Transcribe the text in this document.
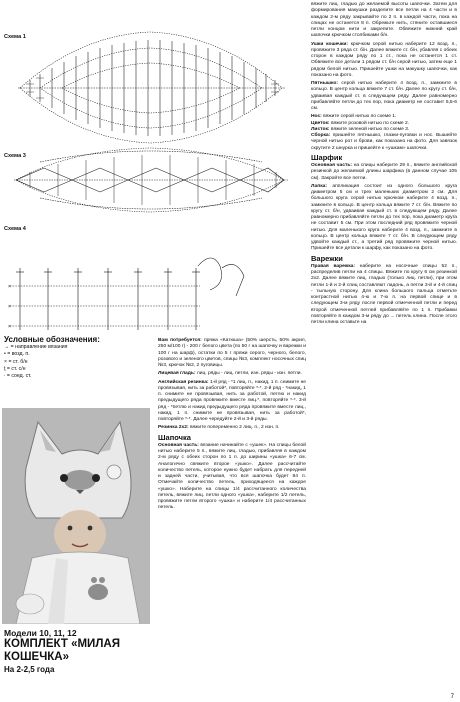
Схема 1
Схема 3
Схема 4
×
×
×
Условные обозначения:
→ = направление вязания
• = возд. п.
× = ст. б/н
ƫ = ст. с/н
∙ = соед. ст.

Модели 10, 11, 12

КОМПЛЕКТ «МИЛАЯ

КОШЕЧКА»

На 2-2,5 года

Вам потребуется: пряжа «Катюша» (50% шерсть, 50% акрил, 250 м/100 г) - 200 г белого цвета (по 50 г на шапочку и варежки и 100 г на шарф), остатки по 5 г пряжи серого, черного, белого, розового и зеленого цветов, спицы №3, комплект носочных спиц №3, крючок №2, 2 пуговицы.

Лицевая гладь: лиц. ряды - лиц. петли, изн. ряды - изн. петли.

Английская резинка: 1-й ряд - *1 лиц. п., накид, 1 п. снимите не провязывая, нить за работой*, повторяйте *-*. 2-й ряд - *накид, 1 п. снимите не провязывая, нить за работой, петлю и накид предыдущего ряда провяжите вместе лиц.*, повторяйте *-*. 3-й ряд - *петлю и накид предыдущего ряда провяжите вместе лиц., накид, 1 п. снимите не провязывая, нить за работой*, повторяйте *-*. Далее чередуйте 2-й и 3-й ряды.

Резинка 2х2: вяжите попеременно 2 лиц. п., 2 изн. п.

Шапочка

Основная часть: вязание начинайте с «ушек». На спицы белой нитью наберите 5 п., вяжите лиц. гладью, прибавляя в каждом 2-м ряду с обеих сторон по 1 п. до ширины «ушка» 6-7 см. Аналогично свяжите второе «ушко». Далее рассчитайте количество петель, которое нужно будет набрать для передней и задней части, учитывая, что вся шапочка будет 84 п. Отмечайте количество петель, приходящееся на каждое «ушко». Наберите на спицы 1/4 рассчитанного количества петель, вяжите лиц. петли одного «ушка», наберите 1/2 петель, провяжите петли второго «ушка» и наберите 1/4 рассчитанных петель.

вяжите лиц. гладью до желаемой высоты шапочки. Затем для формирования макушки разделите все петли на 4 части и в каждом 2-м ряду закрывайте по 2 п. в каждой части, пока на спицах не останется 8 п. Обрежьте нить, стяните оставшиеся петли концом нити и закрепите. Обвяжите нижний край шапочки крючком столбиками б/н.

Ушки кошечки: крючком серой нитью наберите 12 возд. п., провяжите 3 ряда ст. б/н. Далее вяжите ст. б/н, убавляя с обеих сторон в каждом ряду по 1 ст., пока не останется 1 ст. Обвяжите все детали 1 рядом ст. б/н серой нитью, затем еще 1 рядом белой нитью. Пришейте ушки на макушку шапочки, как показано на фото.

Пятнышко: серой нитью наберите 4 возд. п., замкните в кольцо. В центр кольца вяжите 7 ст. б/н. Далее по кругу ст. б/н, удваивая каждый ст. в следующем ряду. Далее равномерно прибавляйте петли до тех пор, пока диаметр не составит 5,5-6 см.

Нос: вяжите серой нитью по схеме 1.

Цветок: вяжите розовой нитью по схеме 2.

Листок: вяжите зеленой нитью по схеме 3.

Сборка: пришейте пятнышко, глазки-пуговки и нос. Вышейте черной нитью рот и брови, как показано на фото. Для завязок скрутите 2 шнурка и пришейте к «ушкам» шапочки.

Шарфик

Основная часть: на спицы наберите 29 п., вяжите английской резинкой до желаемой длины шарфика (в данном случае 105 см). Закройте все петли.

Лапка: аппликация состоит из одного большого круга диаметром 5 см и трех маленьких диаметром 2 см. Для большого круга серой нитью крючком наберите 4 возд. п., замкните в кольцо. В центр кольца вяжите 7 ст. б/н. Вяжите по кругу ст. б/н, удваивая каждый ст. в следующем ряду. Далее равномерно прибавляйте петли до тех пор, пока диаметр круга не составит 5 см. При этом последний ряд провяжите черной нитью. Для маленького круга наберите 4 возд. п., замкните в кольцо. В центр кольца вяжите 7 ст. б/н. В следующем ряду удвойте каждый ст., а третий ряд провяжите черной нитью. Пришейте все детали к шарфу, как показано на фото.

Варежки

Правая варежка: наберите на носочные спицы 52 п., распределив петли на 4 спицы. Вяжите по кругу 6 см резинкой 2х2. Далее вяжите лиц. гладью (только лиц. петли), при этом петли 1-й и 2-й спиц составляют ладонь, а петли 3-й и 4-й спиц - тыльную сторону. Для клина большого пальца отметьте контрастной нитью 4-ю и 7-ю п. на первой спице и в следующем 3-м ряду после первой отмеченной петли и перед второй отмеченной петлей прибавляйте по 1 п. Прибавки повторяйте в каждом 3-м ряду до ... петель клина. После этого петли клина оставьте на

7
